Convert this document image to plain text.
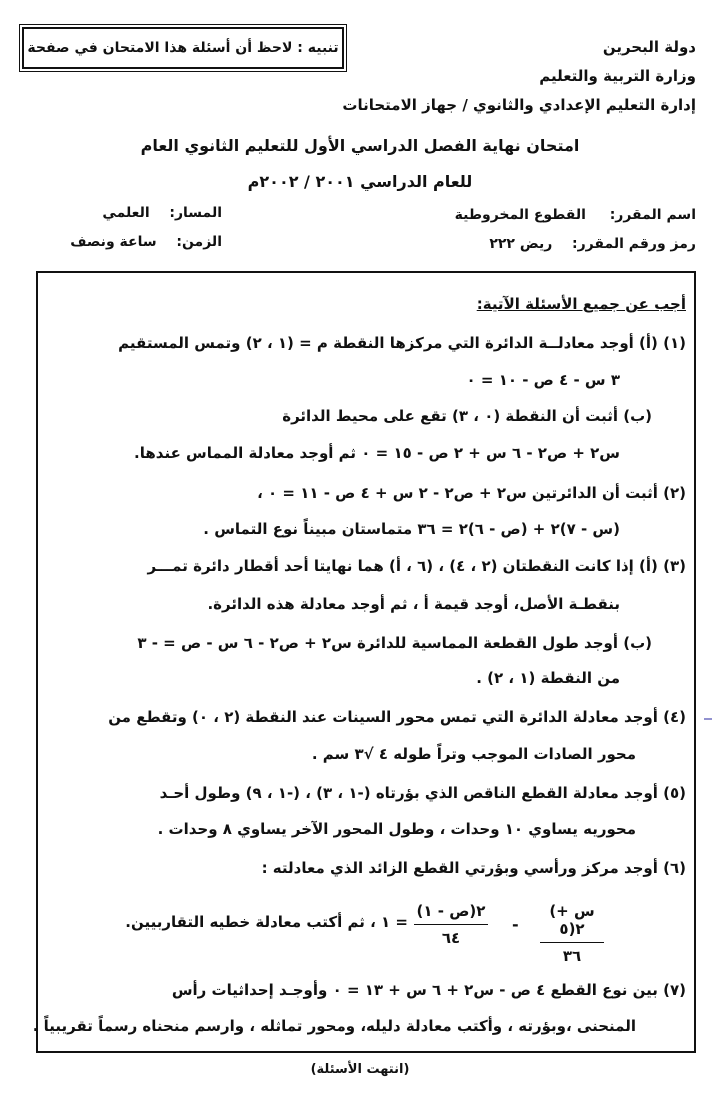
دولة البحرين
وزارة التربية والتعليم
إدارة التعليم الإعدادي والثانوي / جهاز الامتحانات
تنبيه : لاحظ أن أسئلة هذا الامتحان في صفحة
امتحان نهاية الفصل الدراسي الأول للتعليم الثانوي العام
للعام الدراسي ٢٠٠١ / ٢٠٠٢م
اسم المقرر:  القطوع المخروطية
رمز ورقم المقرر:  ريض ٢٢٢
المسار:  العلمي
الزمن:  ساعة ونصف
أجب عن جميع الأسئلة الآتية:
(١) (أ) أوجد معادلــة الدائرة التي مركزها النقطة م = (١ ، ٢) وتمس المستقيم
٣ س - ٤ ص - ١٠ = ٠
(ب) أثبت أن النقطة (٠ ، ٣) تقع على محيط الدائرة
س٢ + ص٢ - ٦ س + ٢ ص - ١٥ = ٠ ثم أوجد معادلة المماس عندها.
(٢) أثبت أن الدائرتين س٢ + ص٢ - ٢ س + ٤ ص - ١١ = ٠ ،
(س - ٧)٢ + (ص - ٦)٢ = ٣٦ متماستان مبيناً نوع التماس .
(٣) (أ) إذا كانت النقطتان (٢ ، ٤) ، (٦ ، أ) هما نهايتا أحد أقطار دائرة تمـــر
بنقطـة الأصل، أوجد قيمة أ ، ثم أوجد معادلة هذه الدائرة.
(ب) أوجد طول القطعة المماسية للدائرة س٢ + ص٢ - ٦ س - ص = - ٣
من النقطة (١ ، ٢) .
(٤) أوجد معادلة الدائرة التي تمس محور السينات عند النقطة (٢ ، ٠) وتقطع من
محور الصادات الموجب وتراً طوله ٤ √٣ سم .
(٥) أوجد معادلة القطع الناقص الذي بؤرتاه (-١ ، ٣) ، (-١ ، ٩) وطول أحـد
محوريه يساوي ١٠ وحدات ، وطول المحور الآخر يساوي ٨ وحدات .
(٦) أوجد مركز ورأسي وبؤرتي القطع الزائد الذي معادلته :
(س + ٥)٢
٣٦
-
(ص - ١)٢
٦٤
= ١ ، ثم أكتب معادلة خطيه التقاربيين.
(٧) بين نوع القطع ٤ ص - س٢ + ٦ س + ١٣ = ٠ وأوجـد إحداثيات رأس
المنحنى ،وبؤرته ، وأكتب معادلة دليله، ومحور تماثله ، وارسم منحناه رسماً تقريبياً .
(انتهت الأسئلة)
